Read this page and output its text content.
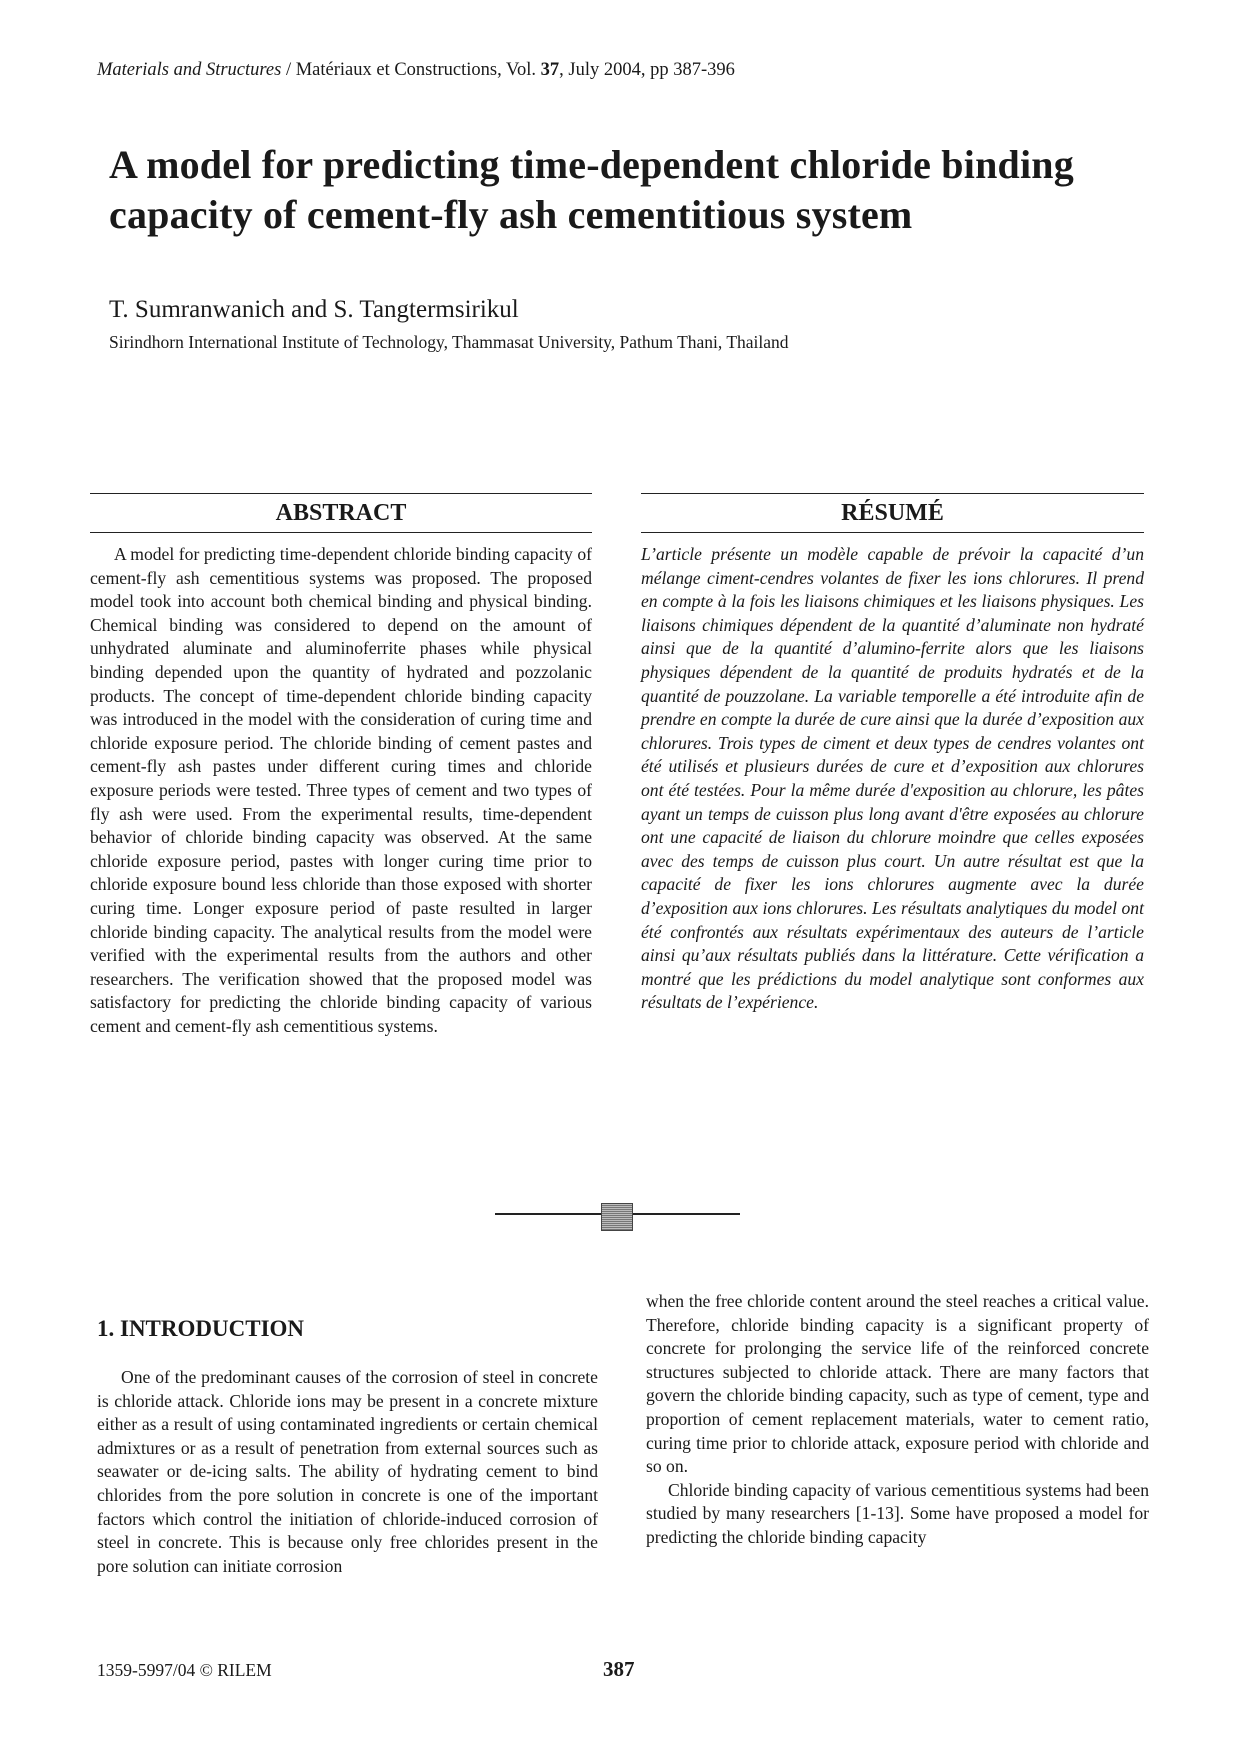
Materials and Structures / Matériaux et Constructions, Vol. 37, July 2004, pp 387-396
A model for predicting time-dependent chloride binding capacity of cement-fly ash cementitious system

T. Sumranwanich and S. Tangtermsirikul

Sirindhorn International Institute of Technology, Thammasat University, Pathum Thani, Thailand

ABSTRACT	RÉSUMÉ

A model for predicting time-dependent chloride binding capacity of cement-fly ash cementitious systems was proposed. The proposed model took into account both chemical binding and physical binding. Chemical binding was considered to depend on the amount of unhydrated aluminate and aluminoferrite phases while physical binding depended upon the quantity of hydrated and pozzolanic products. The concept of time-dependent chloride binding capacity was introduced in the model with the consideration of curing time and chloride exposure period. The chloride binding of cement pastes and cement-fly ash pastes under different curing times and chloride exposure periods were tested. Three types of cement and two types of fly ash were used. From the experimental results, time-dependent behavior of chloride binding capacity was observed. At the same chloride exposure period, pastes with longer curing time prior to chloride exposure bound less chloride than those exposed with shorter curing time. Longer exposure period of paste resulted in larger chloride binding capacity. The analytical results from the model were verified with the experimental results from the authors and other researchers. The verification showed that the proposed model was satisfactory for predicting the chloride binding capacity of various cement and cement-fly ash cementitious systems.

L’article présente un modèle capable de prévoir la capacité d’un mélange ciment-cendres volantes de fixer les ions chlorures. Il prend en compte à la fois les liaisons chimiques et les liaisons physiques. Les liaisons chimiques dépendent de la quantité d’aluminate non hydraté ainsi que de la quantité d’alumino-ferrite alors que les liaisons physiques dépendent de la quantité de produits hydratés et de la quantité de pouzzolane. La variable temporelle a été introduite afin de prendre en compte la durée de cure ainsi que la durée d’exposition aux chlorures. Trois types de ciment et deux types de cendres volantes ont été utilisés et plusieurs durées de cure et d’exposition aux chlorures ont été testées. Pour la même durée d'exposition au chlorure, les pâtes ayant un temps de cuisson plus long avant d'être exposées au chlorure ont une capacité de liaison du chlorure moindre que celles exposées avec des temps de cuisson plus court. Un autre résultat est que la capacité de fixer les ions chlorures augmente avec la durée d’exposition aux ions chlorures. Les résultats analytiques du model ont été confrontés aux résultats expérimentaux des auteurs de l’article ainsi qu’aux résultats publiés dans la littérature. Cette vérification a montré que les prédictions du model analytique sont conformes aux résultats de l’expérience.

1. INTRODUCTION

One of the predominant causes of the corrosion of steel in concrete is chloride attack. Chloride ions may be present in a concrete mixture either as a result of using contaminated ingredients or certain chemical admixtures or as a result of penetration from external sources such as seawater or de-icing salts. The ability of hydrating cement to bind chlorides from the pore solution in concrete is one of the important factors which control the initiation of chloride-induced corrosion of steel in concrete. This is because only free chlorides present in the pore solution can initiate corrosion

when the free chloride content around the steel reaches a critical value. Therefore, chloride binding capacity is a significant property of concrete for prolonging the service life of the reinforced concrete structures subjected to chloride attack. There are many factors that govern the chloride binding capacity, such as type of cement, type and proportion of cement replacement materials, water to cement ratio, curing time prior to chloride attack, exposure period with chloride and so on.
Chloride binding capacity of various cementitious systems had been studied by many researchers [1-13]. Some have proposed a model for predicting the chloride binding capacity

1359-5997/04 © RILEM	387
